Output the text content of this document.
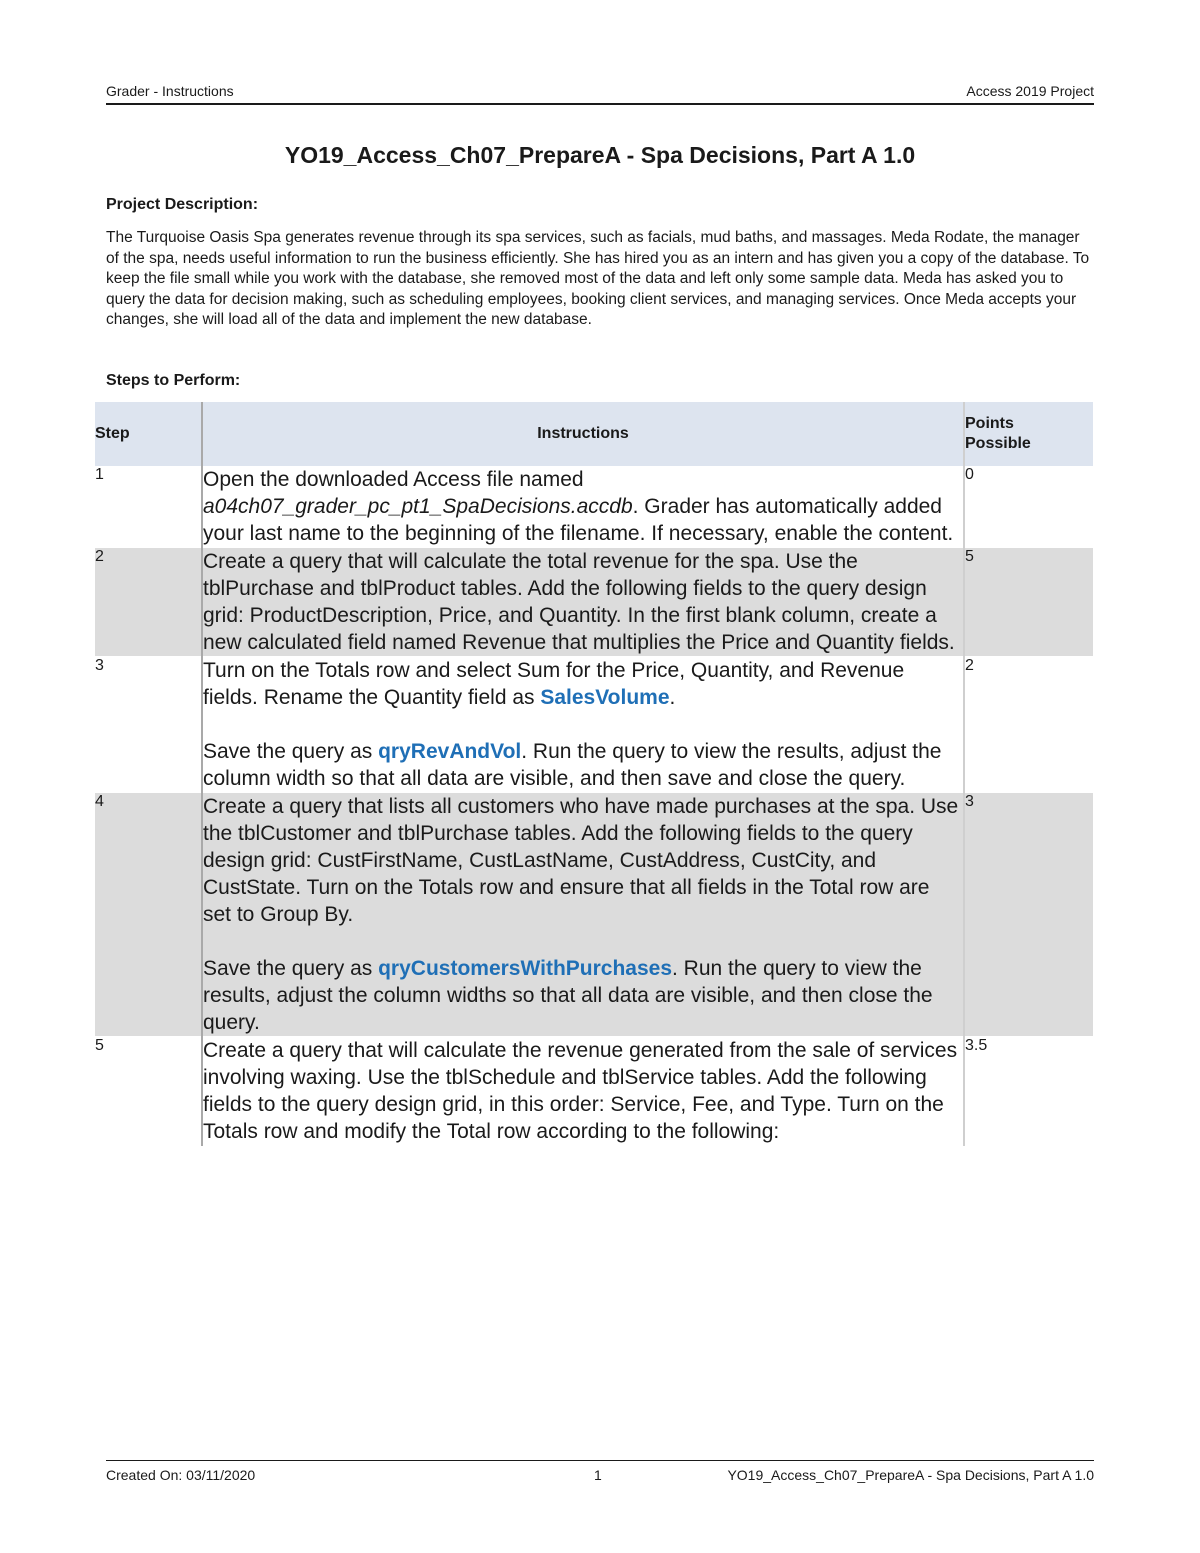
Grader - Instructions	Access 2019 Project
YO19_Access_Ch07_PrepareA - Spa Decisions, Part A 1.0
Project Description:
The Turquoise Oasis Spa generates revenue through its spa services, such as facials, mud baths, and massages. Meda Rodate, the manager of the spa, needs useful information to run the business efficiently. She has hired you as an intern and has given you a copy of the database. To keep the file small while you work with the database, she removed most of the data and left only some sample data. Meda has asked you to query the data for decision making, such as scheduling employees, booking client services, and managing services. Once Meda accepts your changes, she will load all of the data and implement the new database.
Steps to Perform:
Step	Instructions	Points
Possible
1	Open the downloaded Access file named a04ch07_grader_pc_pt1_SpaDecisions.accdb. Grader has automatically added your last name to the beginning of the filename. If necessary, enable the content.	0
2	Create a query that will calculate the total revenue for the spa. Use the tblPurchase and tblProduct tables. Add the following fields to the query design grid: ProductDescription, Price, and Quantity. In the first blank column, create a new calculated field named Revenue that multiplies the Price and Quantity fields.	5
3	Turn on the Totals row and select Sum for the Price, Quantity, and Revenue fields. Rename the Quantity field as SalesVolume.
Save the query as qryRevAndVol. Run the query to view the results, adjust the column width so that all data are visible, and then save and close the query.	2
4	Create a query that lists all customers who have made purchases at the spa. Use the tblCustomer and tblPurchase tables. Add the following fields to the query design grid: CustFirstName, CustLastName, CustAddress, CustCity, and CustState. Turn on the Totals row and ensure that all fields in the Total row are set to Group By.
Save the query as qryCustomersWithPurchases. Run the query to view the results, adjust the column widths so that all data are visible, and then close the query.	3
5	Create a query that will calculate the revenue generated from the sale of services involving waxing. Use the tblSchedule and tblService tables. Add the following fields to the query design grid, in this order: Service, Fee, and Type. Turn on the Totals row and modify the Total row according to the following:	3.5
Created On: 03/11/2020	1	YO19_Access_Ch07_PrepareA - Spa Decisions, Part A 1.0
